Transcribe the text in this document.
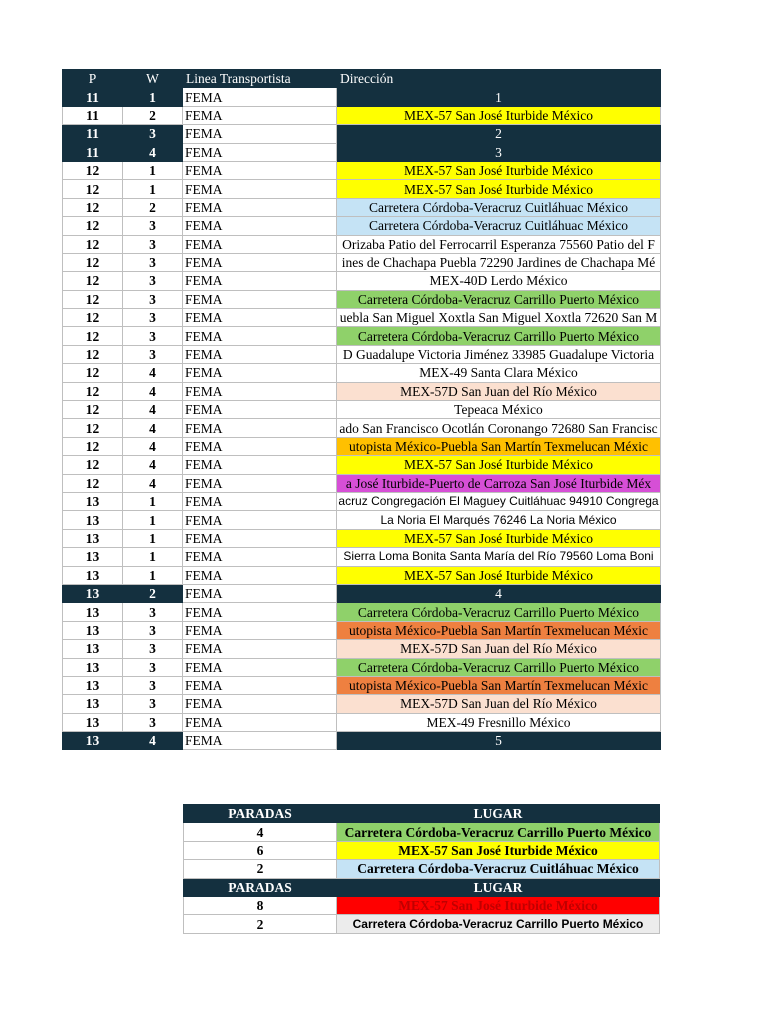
P	W	Linea Transportista	Dirección
11	1	FEMA	1
11	2	FEMA	MEX-57 San José Iturbide México
11	3	FEMA	2
11	4	FEMA	3
12	1	FEMA	MEX-57 San José Iturbide México
12	1	FEMA	MEX-57 San José Iturbide México
12	2	FEMA	Carretera Córdoba-Veracruz Cuitláhuac México
12	3	FEMA	Carretera Córdoba-Veracruz Cuitláhuac México
12	3	FEMA	Orizaba Patio del Ferrocarril Esperanza 75560 Patio del F
12	3	FEMA	ines de Chachapa Puebla 72290 Jardines de Chachapa Mé
12	3	FEMA	MEX-40D Lerdo México
12	3	FEMA	Carretera Córdoba-Veracruz Carrillo Puerto México
12	3	FEMA	uebla San Miguel Xoxtla San Miguel Xoxtla 72620 San M
12	3	FEMA	Carretera Córdoba-Veracruz Carrillo Puerto México
12	3	FEMA	D Guadalupe Victoria Jiménez 33985 Guadalupe Victoria
12	4	FEMA	MEX-49 Santa Clara México
12	4	FEMA	MEX-57D San Juan del Río México
12	4	FEMA	Tepeaca México
12	4	FEMA	ado San Francisco Ocotlán Coronango 72680 San Francisc
12	4	FEMA	utopista México-Puebla San Martín Texmelucan Méxic
12	4	FEMA	MEX-57 San José Iturbide México
12	4	FEMA	a José Iturbide-Puerto de Carroza San José Iturbide Méx
13	1	FEMA	acruz Congregación El Maguey Cuitláhuac 94910 Congrega
13	1	FEMA	La Noria El Marqués 76246 La Noria México
13	1	FEMA	MEX-57 San José Iturbide México
13	1	FEMA	Sierra Loma Bonita Santa María del Río 79560 Loma Boni
13	1	FEMA	MEX-57 San José Iturbide México
13	2	FEMA	4
13	3	FEMA	Carretera Córdoba-Veracruz Carrillo Puerto México
13	3	FEMA	utopista México-Puebla San Martín Texmelucan Méxic
13	3	FEMA	MEX-57D San Juan del Río México
13	3	FEMA	Carretera Córdoba-Veracruz Carrillo Puerto México
13	3	FEMA	utopista México-Puebla San Martín Texmelucan Méxic
13	3	FEMA	MEX-57D San Juan del Río México
13	3	FEMA	MEX-49 Fresnillo México
13	4	FEMA	5
PARADAS	LUGAR
4	Carretera Córdoba-Veracruz Carrillo Puerto México
6	MEX-57 San José Iturbide México
2	Carretera Córdoba-Veracruz Cuitláhuac México
PARADAS	LUGAR
8	MEX-57 San José Iturbide México
2	Carretera Córdoba-Veracruz Carrillo Puerto México
